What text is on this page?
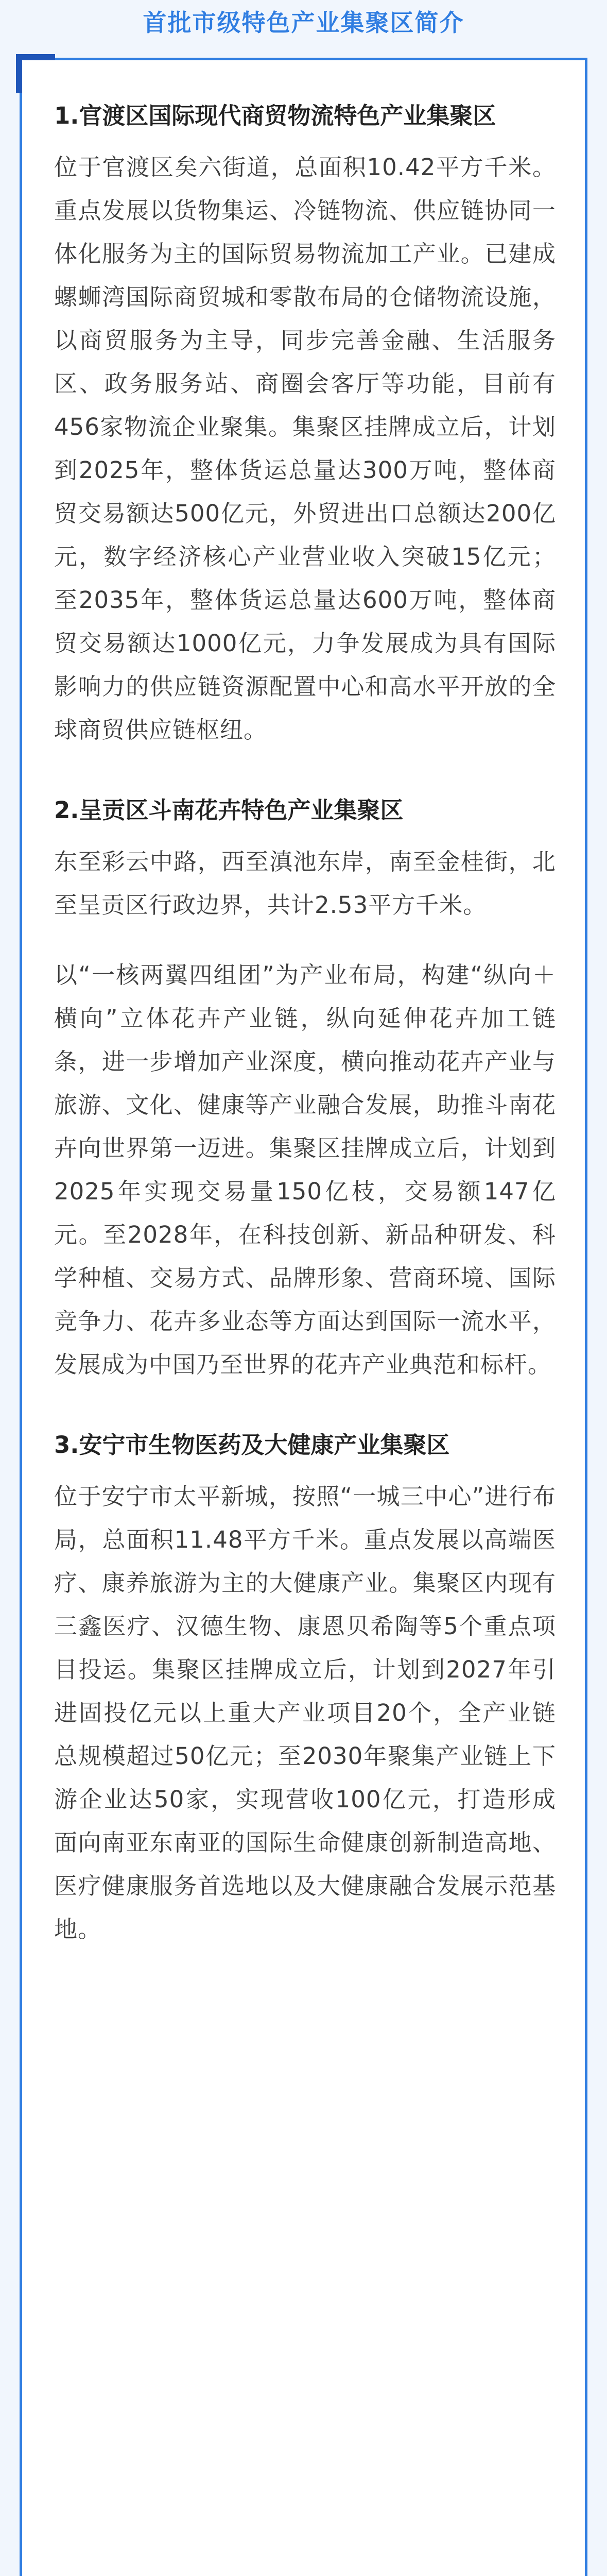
首批市级特色产业集聚区简介
1.官渡区国际现代商贸物流特色产业集聚区

位于官渡区矣六街道，总面积10.42平方千米。重点发展以货物集运、冷链物流、供应链协同一体化服务为主的国际贸易物流加工产业。已建成螺蛳湾国际商贸城和零散布局的仓储物流设施，以商贸服务为主导，同步完善金融、生活服务区、政务服务站、商圈会客厅等功能，目前有456家物流企业聚集。集聚区挂牌成立后，计划到2025年，整体货运总量达300万吨，整体商贸交易额达500亿元，外贸进出口总额达200亿元，数字经济核心产业营业收入突破15亿元；至2035年，整体货运总量达600万吨，整体商贸交易额达1000亿元，力争发展成为具有国际影响力的供应链资源配置中心和高水平开放的全球商贸供应链枢纽。

2.呈贡区斗南花卉特色产业集聚区

东至彩云中路，西至滇池东岸，南至金桂街，北至呈贡区行政边界，共计2.53平方千米。

以“一核两翼四组团”为产业布局，构建“纵向＋横向”立体花卉产业链，纵向延伸花卉加工链条，进一步增加产业深度，横向推动花卉产业与旅游、文化、健康等产业融合发展，助推斗南花卉向世界第一迈进。集聚区挂牌成立后，计划到2025年实现交易量150亿枝，交易额147亿元。至2028年，在科技创新、新品种研发、科学种植、交易方式、品牌形象、营商环境、国际竞争力、花卉多业态等方面达到国际一流水平，发展成为中国乃至世界的花卉产业典范和标杆。

3.安宁市生物医药及大健康产业集聚区

位于安宁市太平新城，按照“一城三中心”进行布局，总面积11.48平方千米。重点发展以高端医疗、康养旅游为主的大健康产业。集聚区内现有三鑫医疗、汉德生物、康恩贝希陶等5个重点项目投运。集聚区挂牌成立后，计划到2027年引进固投亿元以上重大产业项目20个，全产业链总规模超过50亿元；至2030年聚集产业链上下游企业达50家，实现营收100亿元，打造形成面向南亚东南亚的国际生命健康创新制造高地、医疗健康服务首选地以及大健康融合发展示范基地。
